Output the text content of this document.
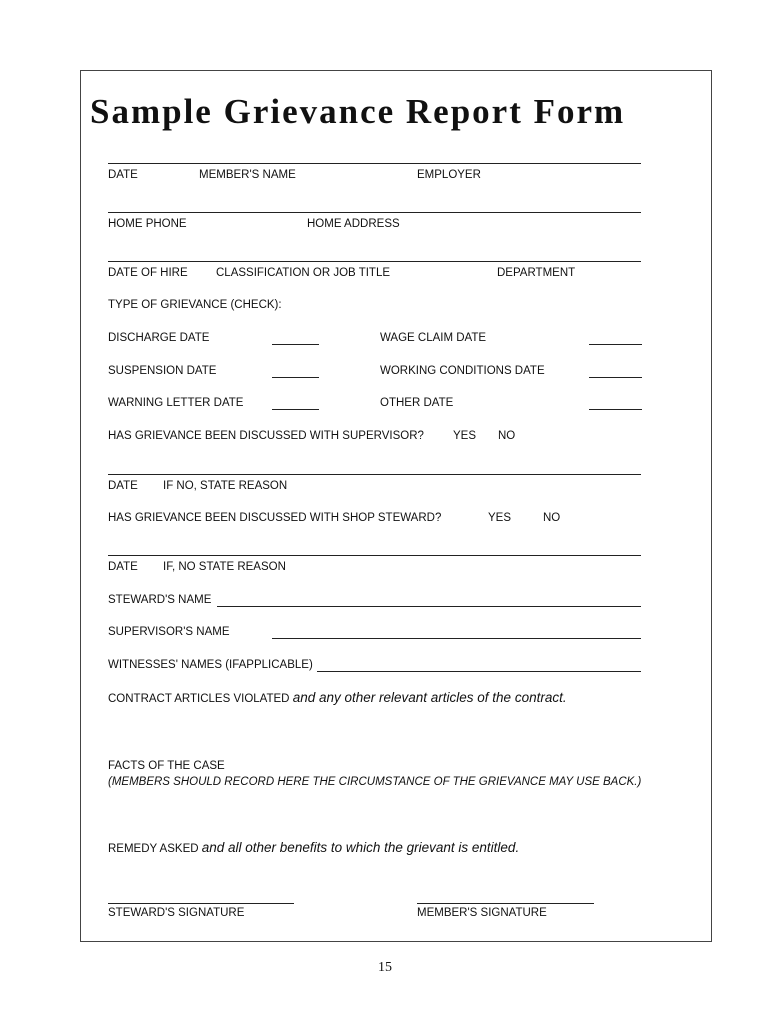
Sample Grievance Report Form
DATE	MEMBER'S NAME	EMPLOYER
HOME PHONE	HOME ADDRESS
DATE OF HIRE CLASSIFICATION OR JOB TITLE	DEPARTMENT
TYPE OF GRIEVANCE (CHECK):
DISCHARGE DATE	WAGE CLAIM DATE
SUSPENSION DATE	WORKING CONDITIONS DATE
WARNING LETTER DATE	OTHER DATE
HAS GRIEVANCE BEEN DISCUSSED WITH SUPERVISOR?	YES NO
DATE IF NO, STATE REASON
HAS GRIEVANCE BEEN DISCUSSED WITH SHOP STEWARD?	YES	NO
DATE IF, NO STATE REASON
STEWARD'S NAME
SUPERVISOR'S NAME
WITNESSES' NAMES (IFAPPLICABLE)
CONTRACT ARTICLES VIOLATED and any other relevant articles of the contract.
FACTS OF THE CASE
(MEMBERS SHOULD RECORD HERE THE CIRCUMSTANCE OF THE GRIEVANCE MAY USE BACK.)
REMEDY ASKED and all other benefits to which the grievant is entitled.
STEWARD'S SIGNATURE	MEMBER'S SIGNATURE
15
